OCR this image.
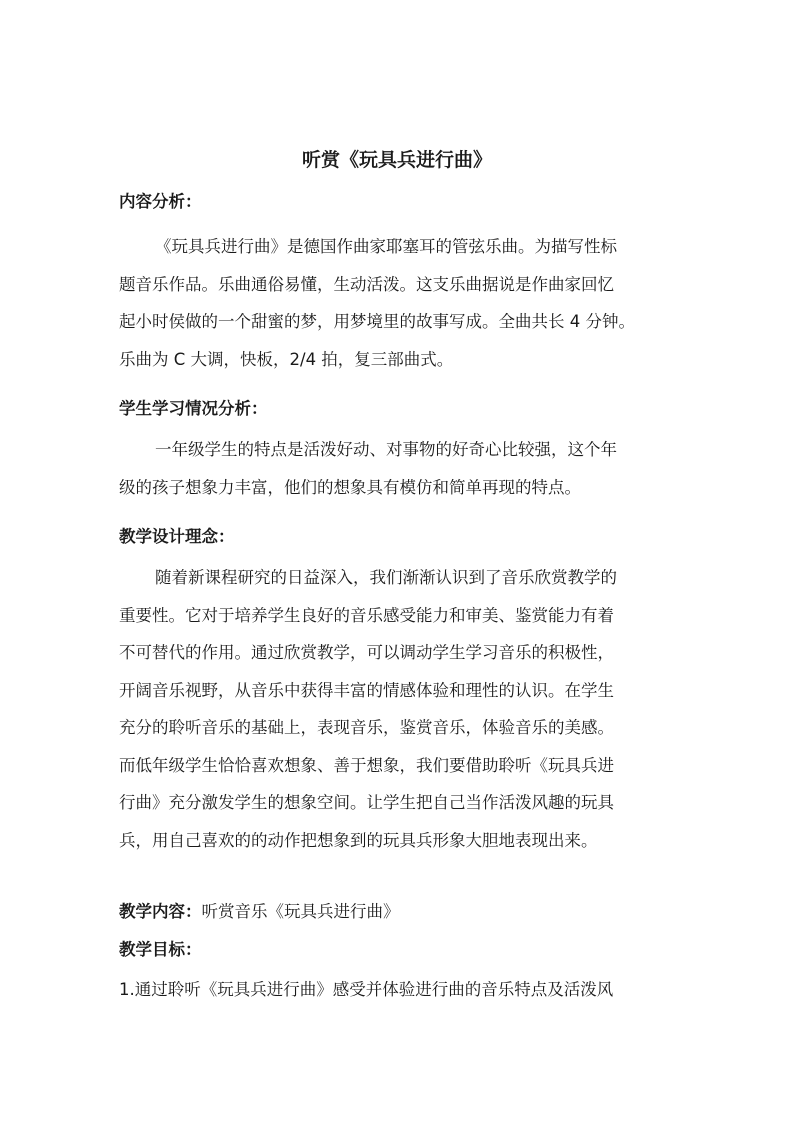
听赏《玩具兵进行曲》
内容分析：
《玩具兵进行曲》是德国作曲家耶塞耳的管弦乐曲。为描写性标
题音乐作品。乐曲通俗易懂，生动活泼。这支乐曲据说是作曲家回忆
起小时侯做的一个甜蜜的梦，用梦境里的故事写成。全曲共长 4 分钟。
乐曲为 C 大调，快板，2/4 拍，复三部曲式。
学生学习情况分析：
一年级学生的特点是活泼好动、对事物的好奇心比较强，这个年
级的孩子想象力丰富，他们的想象具有模仿和简单再现的特点。
教学设计理念：
随着新课程研究的日益深入，我们渐渐认识到了音乐欣赏教学的
重要性。它对于培养学生良好的音乐感受能力和审美、鉴赏能力有着
不可替代的作用。通过欣赏教学，可以调动学生学习音乐的积极性，
开阔音乐视野，从音乐中获得丰富的情感体验和理性的认识。在学生
充分的聆听音乐的基础上，表现音乐，鉴赏音乐，体验音乐的美感。
而低年级学生恰恰喜欢想象、善于想象，我们要借助聆听《玩具兵进
行曲》充分激发学生的想象空间。让学生把自己当作活泼风趣的玩具
兵，用自己喜欢的的动作把想象到的玩具兵形象大胆地表现出来。
教学内容：听赏音乐《玩具兵进行曲》
教学目标：
1.通过聆听《玩具兵进行曲》感受并体验进行曲的音乐特点及活泼风
